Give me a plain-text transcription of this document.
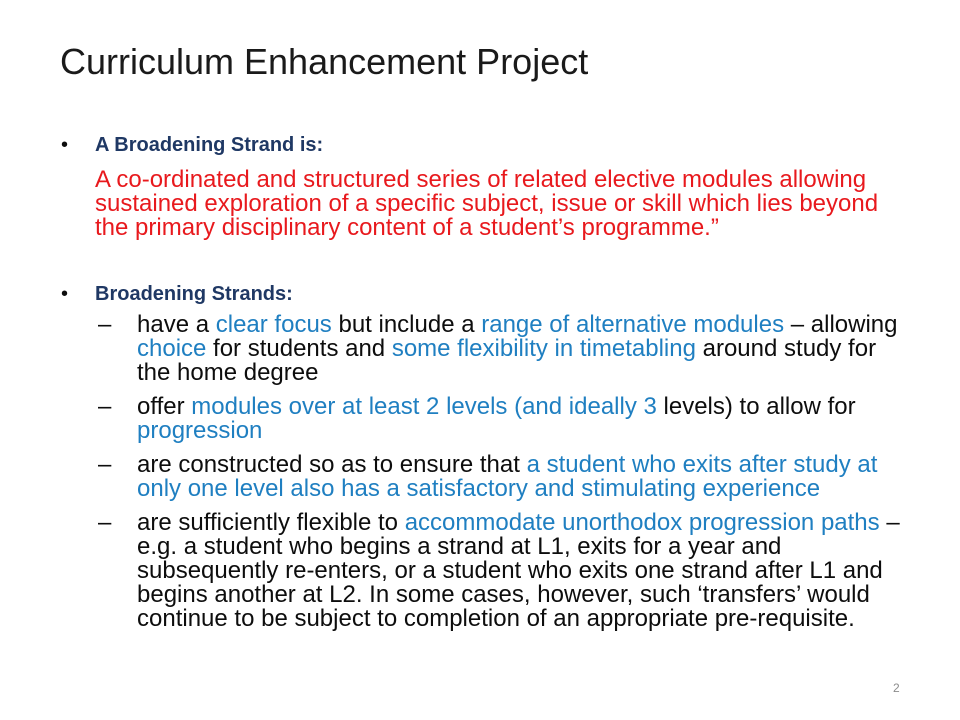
Curriculum Enhancement Project
• A Broadening Strand is:
A co-ordinated and structured series of related elective modules allowing
sustained exploration of a specific subject, issue or skill which lies beyond
the primary disciplinary content of a student’s programme.”
• Broadening Strands:
– have a clear focus but include a range of alternative modules – allowing
choice for students and some flexibility in timetabling around study for
the home degree
– offer modules over at least 2 levels (and ideally 3 levels) to allow for
progression
– are constructed so as to ensure that a student who exits after study at
only one level also has a satisfactory and stimulating experience
– are sufficiently flexible to accommodate unorthodox progression paths –
e.g. a student who begins a strand at L1, exits for a year and
subsequently re-enters, or a student who exits one strand after L1 and
begins another at L2. In some cases, however, such ‘transfers’ would
continue to be subject to completion of an appropriate pre-requisite.
2
